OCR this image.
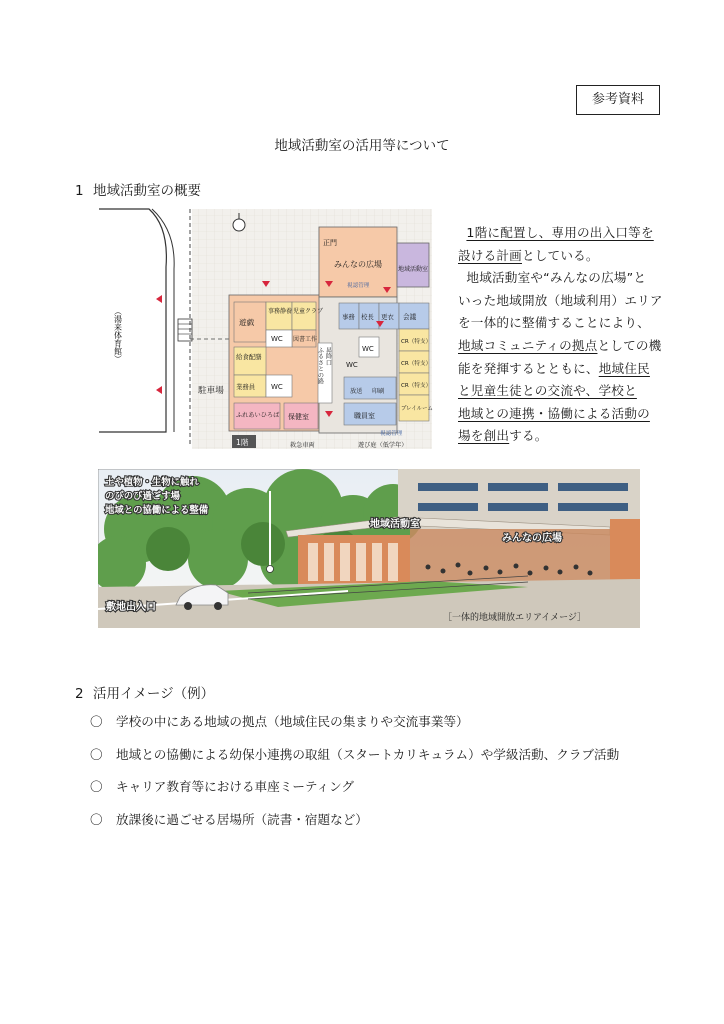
参考資料
地域活動室の活用等について
1 地域活動室の概要
（湯来体育館）
駐車場
正門
みんなの広場
地域活動室
視認管理
遊戯
事務静養 児童クラブ
図書工作
WC
WC
WC
WC
給食配膳
業務員
ふれあいひろば 保健室
ふるさとの路 昇降口
事務 校長 更衣 会議
CR（特支）
CR（特支）
CR（特支）
プレイルーム
放送 印刷
職員室
視認管理
救急車両	遊び庭（低学年）
1階

1階に配置し、専用の出入口等を

設ける計画としている。

地域活動室や“みんなの広場”と

いった地域開放（地域利用）エリア

を一体的に整備することにより、

地域コミュニティの拠点としての機

能を発揮するとともに、地域住民

と児童生徒との交流や、学校と

地域との連携・協働による活動の

場を創出する。

土や植物・生物に触れ
のびのび過ごす場
地域との協働による整備
地域活動室
みんなの広場
敷地出入口
［一体的地域開放エリアイメージ］
2 活用イメージ（例）
〇	学校の中にある地域の拠点（地域住民の集まりや交流事業等）
〇	地域との協働による幼保小連携の取組（スタートカリキュラム）や学級活動、クラブ活動
〇	キャリア教育等における車座ミーティング
〇	放課後に過ごせる居場所（読書・宿題など）
